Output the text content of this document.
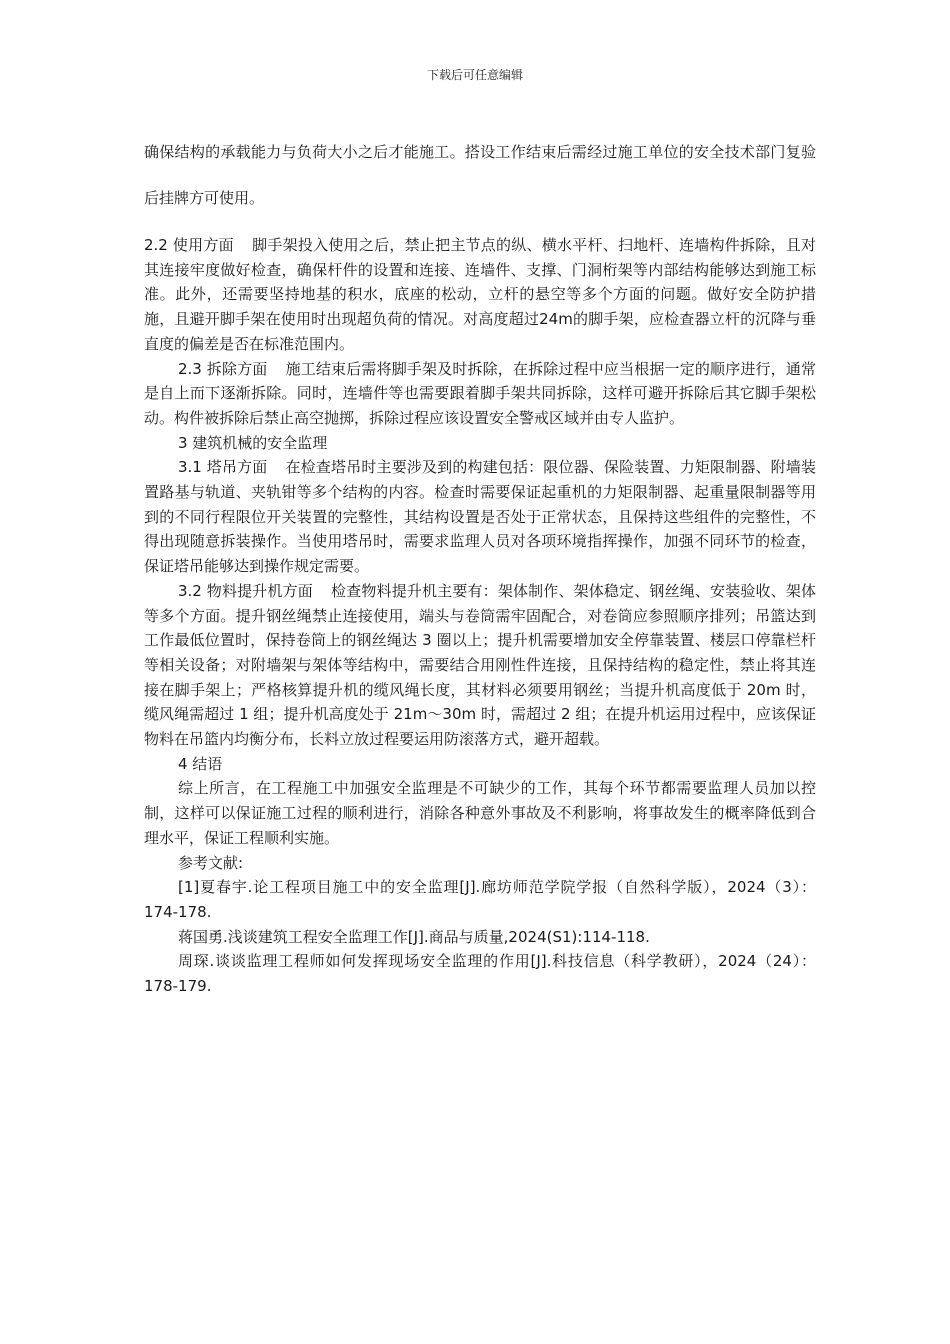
下载后可任意编辑
确保结构的承载能力与负荷大小之后才能施工。搭设工作结束后需经过施工单位的安全技术部门复验后挂牌方可使用。

2.2 使用方面 脚手架投入使用之后，禁止把主节点的纵、横水平杆、扫地杆、连墙构件拆除，且对其连接牢度做好检查，确保杆件的设置和连接、连墙件、支撑、门洞桁架等内部结构能够达到施工标准。此外，还需要坚持地基的积水，底座的松动，立杆的悬空等多个方面的问题。做好安全防护措施，且避开脚手架在使用时出现超负荷的情况。对高度超过24m的脚手架，应检查器立杆的沉降与垂直度的偏差是否在标准范围内。

2.3 拆除方面 施工结束后需将脚手架及时拆除，在拆除过程中应当根据一定的顺序进行，通常是自上而下逐渐拆除。同时，连墙件等也需要跟着脚手架共同拆除，这样可避开拆除后其它脚手架松动。构件被拆除后禁止高空抛掷，拆除过程应该设置安全警戒区域并由专人监护。

3 建筑机械的安全监理

3.1 塔吊方面 在检查塔吊时主要涉及到的构建包括：限位器、保险装置、力矩限制器、附墙装置路基与轨道、夹轨钳等多个结构的内容。检查时需要保证起重机的力矩限制器、起重量限制器等用到的不同行程限位开关装置的完整性，其结构设置是否处于正常状态，且保持这些组件的完整性，不得出现随意拆装操作。当使用塔吊时，需要求监理人员对各项环境指挥操作，加强不同环节的检查，保证塔吊能够达到操作规定需要。

3.2 物料提升机方面 检查物料提升机主要有：架体制作、架体稳定、钢丝绳、安装验收、架体等多个方面。提升钢丝绳禁止连接使用，端头与卷筒需牢固配合，对卷筒应参照顺序排列；吊篮达到工作最低位置时，保持卷筒上的钢丝绳达 3 圈以上；提升机需要增加安全停靠装置、楼层口停靠栏杆等相关设备；对附墙架与架体等结构中，需要结合用刚性件连接，且保持结构的稳定性，禁止将其连接在脚手架上；严格核算提升机的缆风绳长度，其材料必须要用钢丝；当提升机高度低于 20m 时，缆风绳需超过 1 组；提升机高度处于 21m～30m 时，需超过 2 组；在提升机运用过程中，应该保证物料在吊篮内均衡分布，长料立放过程要运用防滚落方式，避开超载。

4 结语

综上所言，在工程施工中加强安全监理是不可缺少的工作，其每个环节都需要监理人员加以控制，这样可以保证施工过程的顺利进行，消除各种意外事故及不利影响，将事故发生的概率降低到合理水平，保证工程顺利实施。

参考文献:

[1]夏春宇.论工程项目施工中的安全监理[J].廊坊师范学院学报（自然科学版），2024（3）：174-178.

蒋国勇.浅谈建筑工程安全监理工作[J].商品与质量,2024(S1):114-118.

周琛.谈谈监理工程师如何发挥现场安全监理的作用[J].科技信息（科学教研），2024（24）：178-179.
